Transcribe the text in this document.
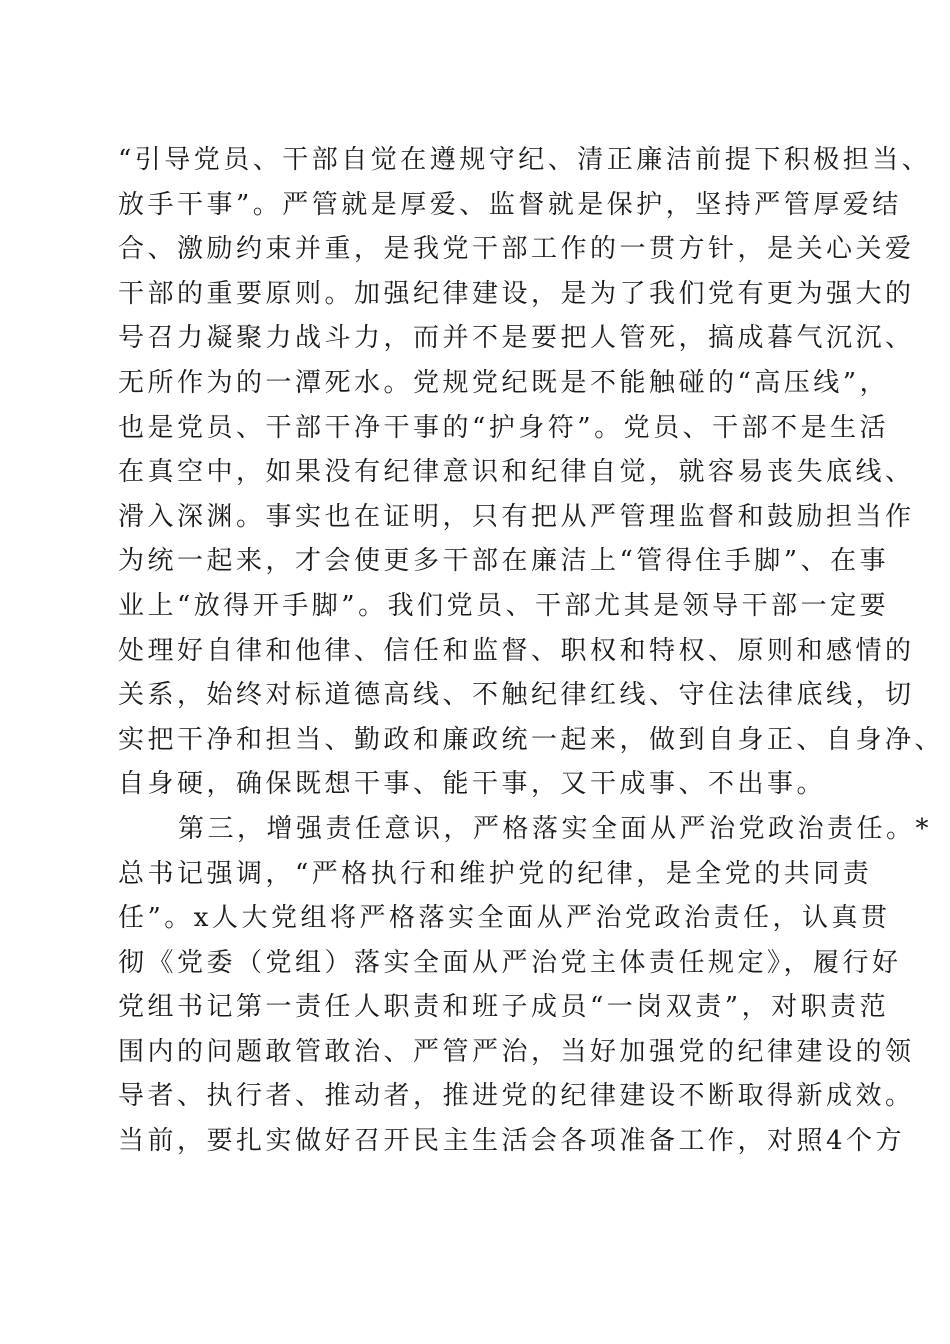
“引导党员、干部自觉在遵规守纪、清正廉洁前提下积极担当、
放手干事”。严管就是厚爱、监督就是保护，坚持严管厚爱结
合、激励约束并重，是我党干部工作的一贯方针，是关心关爱
干部的重要原则。加强纪律建设，是为了我们党有更为强大的
号召力凝聚力战斗力，而并不是要把人管死，搞成暮气沉沉、
无所作为的一潭死水。党规党纪既是不能触碰的“高压线”，
也是党员、干部干净干事的“护身符”。党员、干部不是生活
在真空中，如果没有纪律意识和纪律自觉，就容易丧失底线、
滑入深渊。事实也在证明，只有把从严管理监督和鼓励担当作
为统一起来，才会使更多干部在廉洁上“管得住手脚”、在事
业上“放得开手脚”。我们党员、干部尤其是领导干部一定要
处理好自律和他律、信任和监督、职权和特权、原则和感情的
关系，始终对标道德高线、不触纪律红线、守住法律底线，切
实把干净和担当、勤政和廉政统一起来，做到自身正、自身净、
自身硬，确保既想干事、能干事，又干成事、不出事。
第三，增强责任意识，严格落实全面从严治党政治责任。*
总书记强调，“严格执行和维护党的纪律，是全党的共同责
任”。x人大党组将严格落实全面从严治党政治责任，认真贯
彻《党委（党组）落实全面从严治党主体责任规定》，履行好
党组书记第一责任人职责和班子成员“一岗双责”，对职责范
围内的问题敢管敢治、严管严治，当好加强党的纪律建设的领
导者、执行者、推动者，推进党的纪律建设不断取得新成效。
当前，要扎实做好召开民主生活会各项准备工作，对照4个方
